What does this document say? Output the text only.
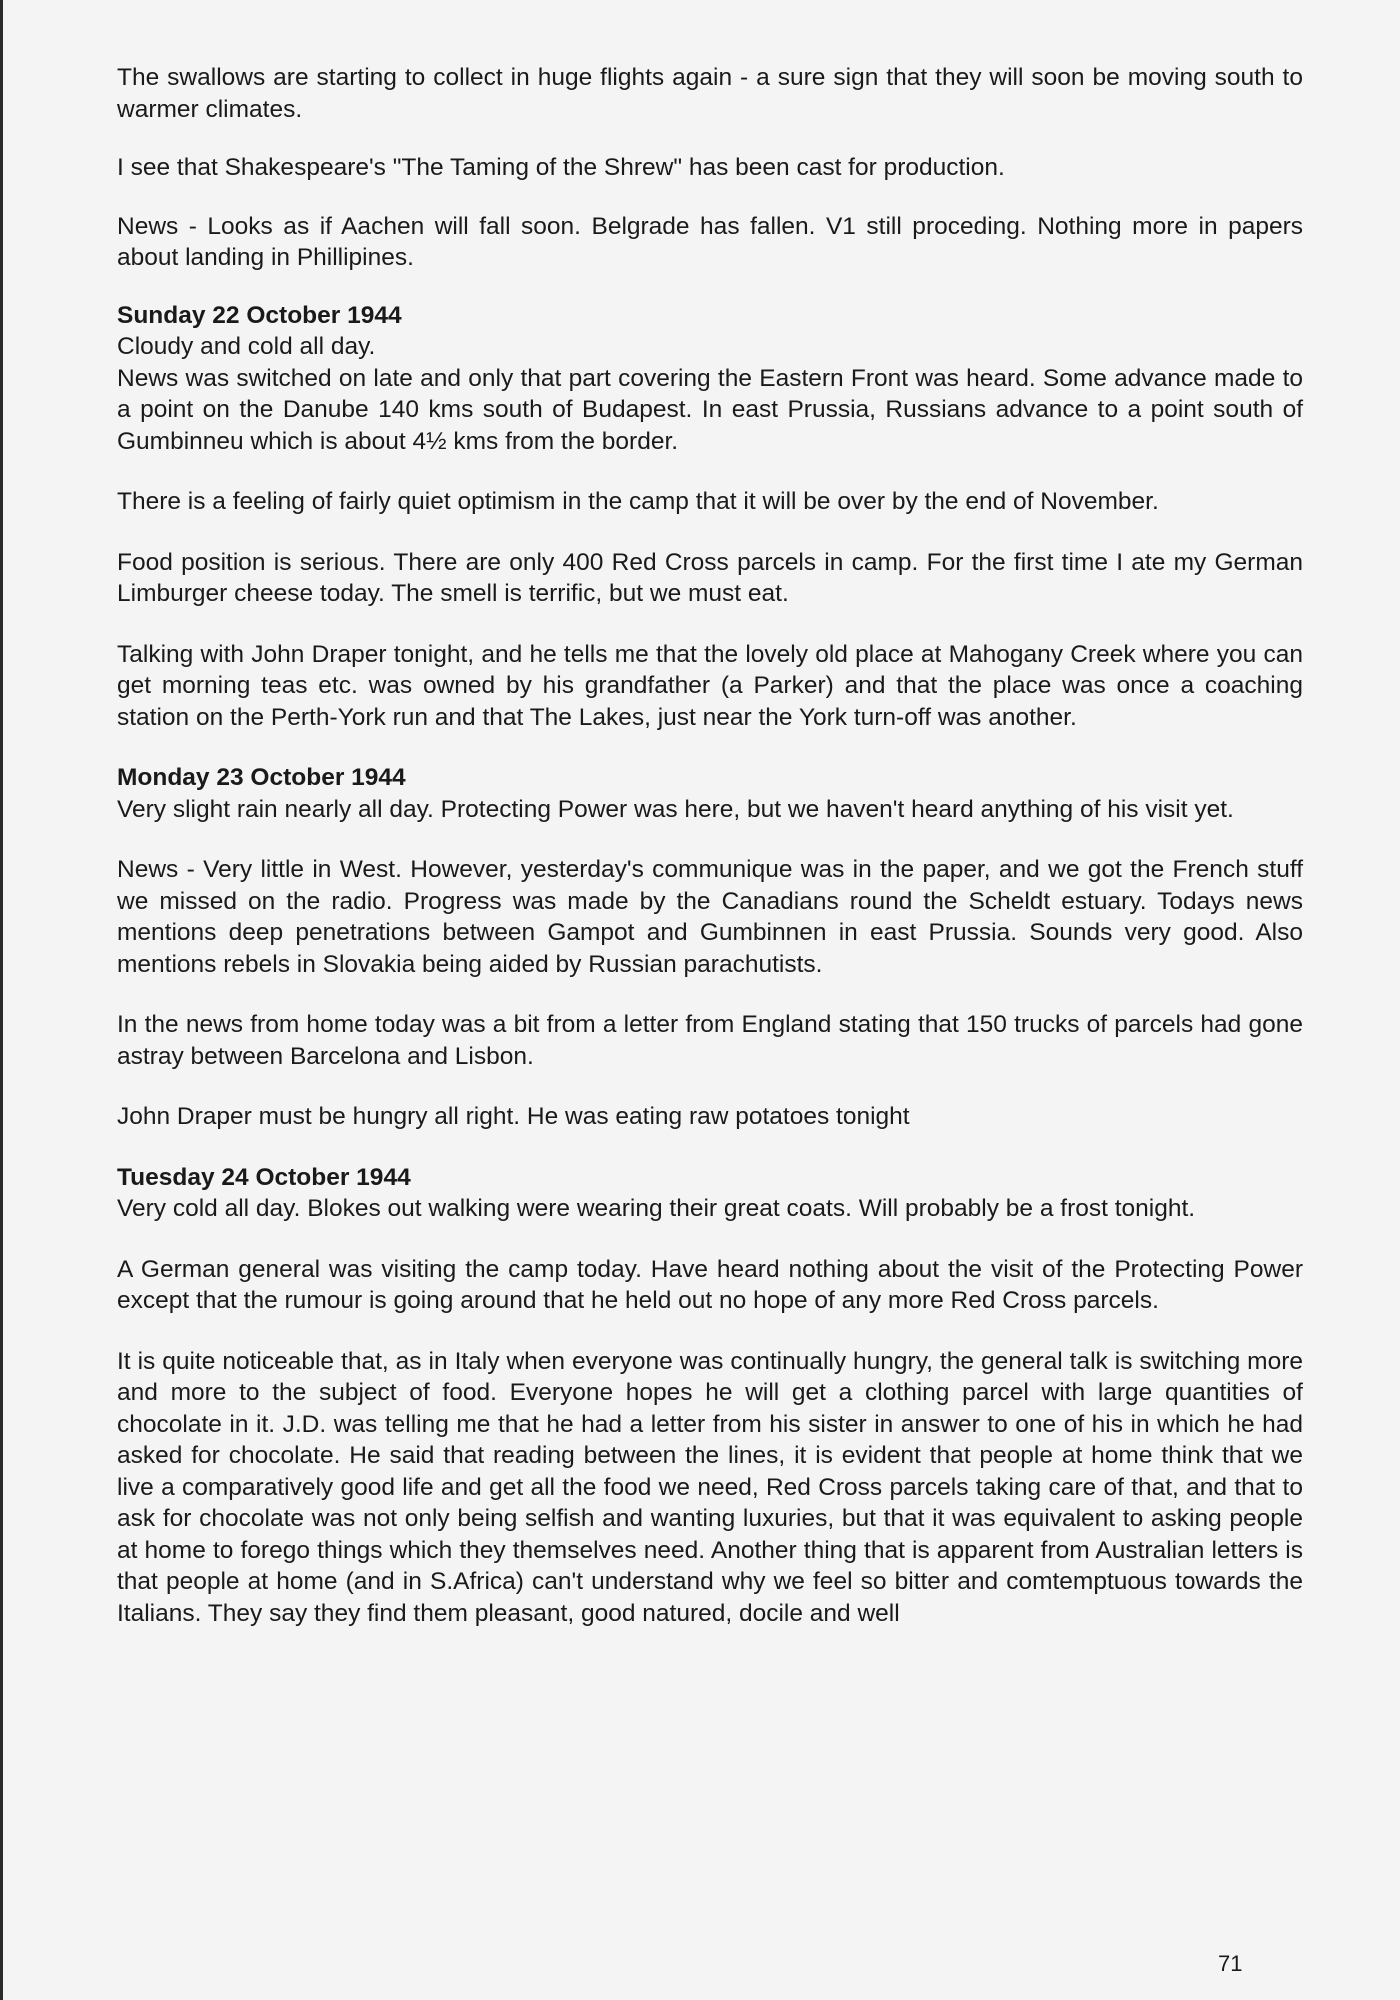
The swallows are starting to collect in huge flights again - a sure sign that they will soon be moving south to warmer climates.

I see that Shakespeare's "The Taming of the Shrew" has been cast for production.

News - Looks as if Aachen will fall soon. Belgrade has fallen. V1 still proceding. Nothing more in papers about landing in Phillipines.

Sunday 22 October 1944

Cloudy and cold all day.

News was switched on late and only that part covering the Eastern Front was heard. Some advance made to a point on the Danube 140 kms south of Budapest. In east Prussia, Russians advance to a point south of Gumbinneu which is about 4½ kms from the border.

There is a feeling of fairly quiet optimism in the camp that it will be over by the end of November.

Food position is serious. There are only 400 Red Cross parcels in camp. For the first time I ate my German Limburger cheese today. The smell is terrific, but we must eat.

Talking with John Draper tonight, and he tells me that the lovely old place at Mahogany Creek where you can get morning teas etc. was owned by his grandfather (a Parker) and that the place was once a coaching station on the Perth-York run and that The Lakes, just near the York turn-off was another.

Monday 23 October 1944

Very slight rain nearly all day. Protecting Power was here, but we haven't heard anything of his visit yet.

News - Very little in West. However, yesterday's communique was in the paper, and we got the French stuff we missed on the radio. Progress was made by the Canadians round the Scheldt estuary. Todays news mentions deep penetrations between Gampot and Gumbinnen in east Prussia. Sounds very good. Also mentions rebels in Slovakia being aided by Russian parachutists.

In the news from home today was a bit from a letter from England stating that 150 trucks of parcels had gone astray between Barcelona and Lisbon.

John Draper must be hungry all right. He was eating raw potatoes tonight

Tuesday 24 October 1944

Very cold all day. Blokes out walking were wearing their great coats. Will probably be a frost tonight.

A German general was visiting the camp today. Have heard nothing about the visit of the Protecting Power except that the rumour is going around that he held out no hope of any more Red Cross parcels.

It is quite noticeable that, as in Italy when everyone was continually hungry, the general talk is switching more and more to the subject of food. Everyone hopes he will get a clothing parcel with large quantities of chocolate in it. J.D. was telling me that he had a letter from his sister in answer to one of his in which he had asked for chocolate. He said that reading between the lines, it is evident that people at home think that we live a comparatively good life and get all the food we need, Red Cross parcels taking care of that, and that to ask for chocolate was not only being selfish and wanting luxuries, but that it was equivalent to asking people at home to forego things which they themselves need. Another thing that is apparent from Australian letters is that people at home (and in S.Africa) can't understand why we feel so bitter and comtemptuous towards the Italians. They say they find them pleasant, good natured, docile and well

71
